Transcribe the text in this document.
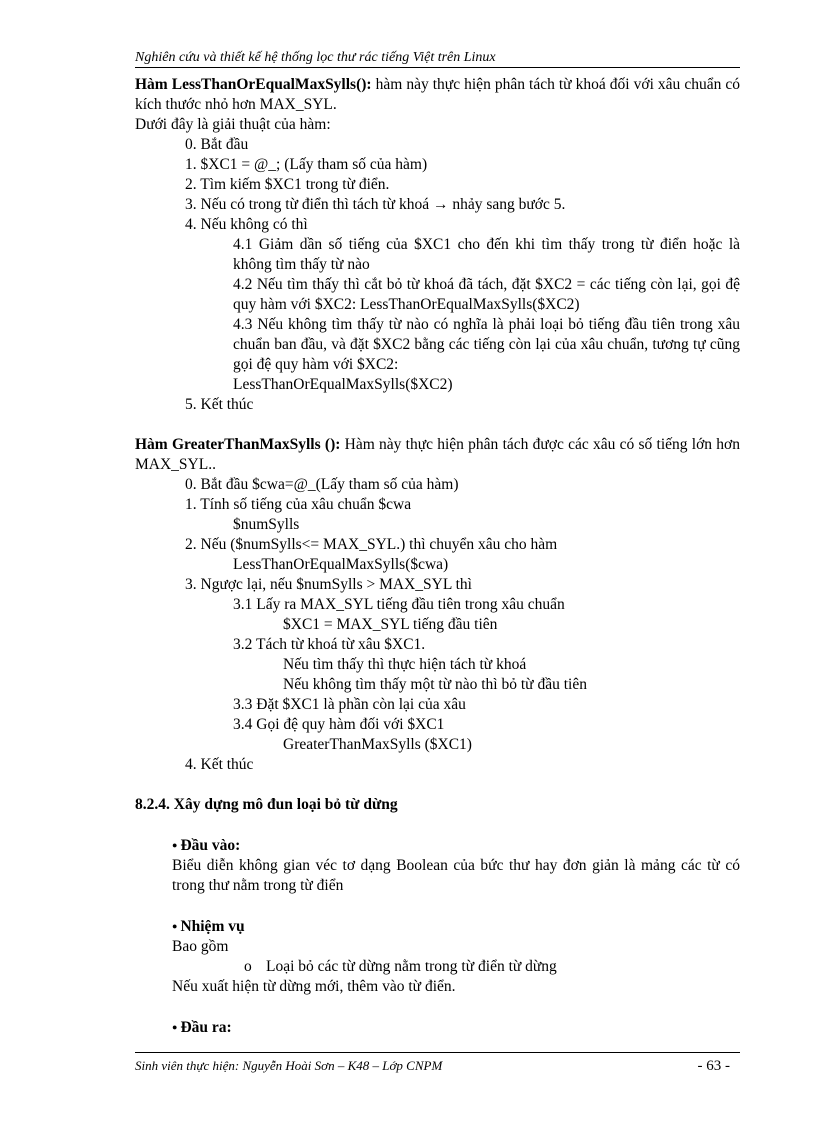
Nghiên cứu và thiết kế hệ thống lọc thư rác tiếng Việt trên Linux

Hàm LessThanOrEqualMaxSylls(): hàm này thực hiện phân tách từ khoá đối với xâu chuẩn có kích thước nhỏ hơn MAX_SYL.

Dưới đây là giải thuật của hàm:

0. Bắt đầu
1. $XC1 = @_; (Lấy tham số của hàm)
2. Tìm kiếm $XC1 trong từ điển.
3. Nếu có trong từ điển thì tách từ khoá → nhảy sang bước 5.
4. Nếu không có thì
4.1 Giảm dần số tiếng của $XC1 cho đến khi tìm thấy trong từ điển hoặc là không tìm thấy từ nào
4.2 Nếu tìm thấy thì cắt bỏ từ khoá đã tách, đặt $XC2 = các tiếng còn lại, gọi đệ quy hàm với $XC2: LessThanOrEqualMaxSylls($XC2)
4.3 Nếu không tìm thấy từ nào có nghĩa là phải loại bỏ tiếng đầu tiên trong xâu chuẩn ban đầu, và đặt $XC2 bằng các tiếng còn lại của xâu chuẩn, tương tự cũng gọi đệ quy hàm với $XC2:
LessThanOrEqualMaxSylls($XC2)
5. Kết thúc

Hàm GreaterThanMaxSylls (): Hàm này thực hiện phân tách được các xâu có số tiếng lớn hơn MAX_SYL..

0. Bắt đầu $cwa=@_(Lấy tham số của hàm)
1. Tính số tiếng của xâu chuẩn $cwa
$numSylls
2. Nếu ($numSylls<= MAX_SYL.) thì chuyển xâu cho hàm
LessThanOrEqualMaxSylls($cwa)
3. Ngược lại, nếu $numSylls > MAX_SYL thì
3.1 Lấy ra MAX_SYL tiếng đầu tiên trong xâu chuẩn
$XC1 = MAX_SYL tiếng đầu tiên
3.2 Tách từ khoá từ xâu $XC1.
Nếu tìm thấy thì thực hiện tách từ khoá
Nếu không tìm thấy một từ nào thì bỏ từ đầu tiên
3.3 Đặt $XC1 là phần còn lại của xâu
3.4 Gọi đệ quy hàm đối với $XC1
GreaterThanMaxSylls ($XC1)
4. Kết thúc

8.2.4. Xây dựng mô đun loại bỏ từ dừng

● Đầu vào:
Biểu diễn không gian véc tơ dạng Boolean của bức thư hay đơn giản là mảng các từ có trong thư nằm trong từ điển
● Nhiệm vụ
Bao gồm
o Loại bỏ các từ dừng nằm trong từ điển từ dừng
Nếu xuất hiện từ dừng mới, thêm vào từ điển.
● Đầu ra:
Sinh viên thực hiện: Nguyễn Hoài Sơn – K48 – Lớp CNPM	- 63 -
